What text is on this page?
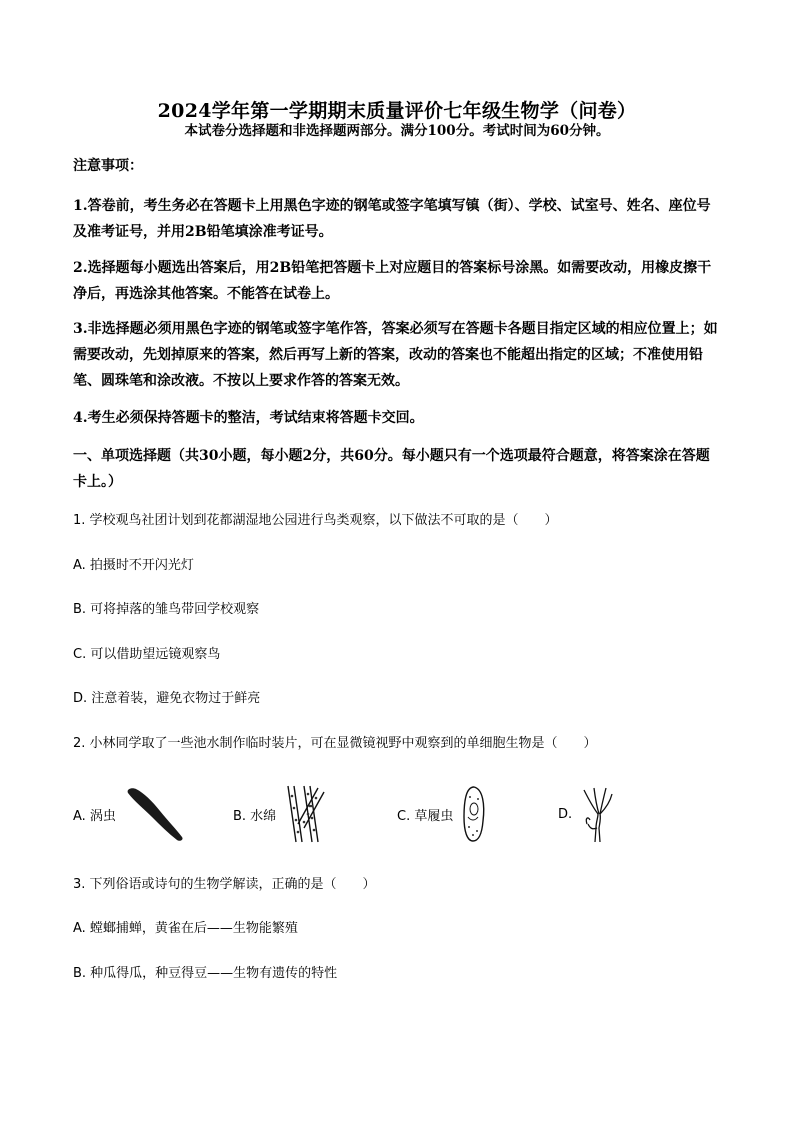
2024学年第一学期期末质量评价七年级生物学（问卷）
本试卷分选择题和非选择题两部分。满分100分。考试时间为60分钟。
注意事项：
1.答卷前，考生务必在答题卡上用黑色字迹的钢笔或签字笔填写镇（街）、学校、试室号、姓名、座位号及准考证号，并用2B铅笔填涂准考证号。
2.选择题每小题选出答案后，用2B铅笔把答题卡上对应题目的答案标号涂黑。如需要改动，用橡皮擦干净后，再选涂其他答案。不能答在试卷上。
3.非选择题必须用黑色字迹的钢笔或签字笔作答，答案必须写在答题卡各题目指定区域的相应位置上；如需要改动，先划掉原来的答案，然后再写上新的答案，改动的答案也不能超出指定的区域；不准使用铅笔、圆珠笔和涂改液。不按以上要求作答的答案无效。
4.考生必须保持答题卡的整洁，考试结束将答题卡交回。
一、单项选择题（共30小题，每小题2分，共60分。每小题只有一个选项最符合题意，将答案涂在答题卡上。）
1. 学校观鸟社团计划到花都湖湿地公园进行鸟类观察，以下做法不可取的是（　　）
A. 拍摄时不开闪光灯
B. 可将掉落的雏鸟带回学校观察
C. 可以借助望远镜观察鸟
D. 注意着装，避免衣物过于鲜亮
2. 小林同学取了一些池水制作临时装片，可在显微镜视野中观察到的单细胞生物是（　　）
A. 涡虫	B. 水绵	C. 草履虫	D.
3. 下列俗语或诗句的生物学解读，正确的是（　　）
A. 螳螂捕蝉，黄雀在后——生物能繁殖
B. 种瓜得瓜，种豆得豆——生物有遗传的特性
